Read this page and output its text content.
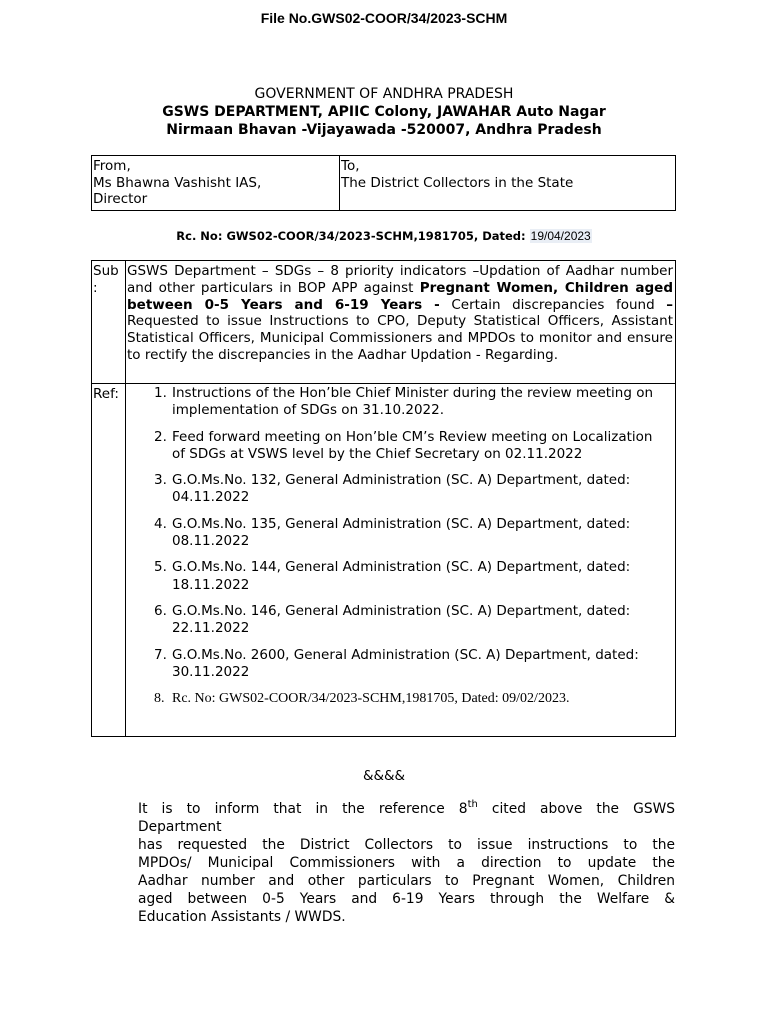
File No.GWS02-COOR/34/2023-SCHM
GOVERNMENT OF ANDHRA PRADESH
GSWS DEPARTMENT, APIIC Colony, JAWAHAR Auto Nagar
Nirmaan Bhavan -Vijayawada -520007, Andhra Pradesh
From,
Ms Bhawna Vashisht IAS,
Director
To,
The District Collectors in the State
Rc. No: GWS02-COOR/34/2023-SCHM,1981705, Dated: 19/04/2023
Sub :
GSWS Department – SDGs – 8 priority indicators –Updation of Aadhar number and other particulars in BOP APP against Pregnant Women, Children aged between 0-5 Years and 6-19 Years - Certain discrepancies found – Requested to issue Instructions to CPO, Deputy Statistical Officers, Assistant Statistical Officers, Municipal Commissioners and MPDOs to monitor and ensure to rectify the discrepancies in the Aadhar Updation - Regarding.
Ref:	1. Instructions of the Hon’ble Chief Minister during the review meeting on implementation of SDGs on 31.10.2022.
2. Feed forward meeting on Hon’ble CM’s Review meeting on Localization of SDGs at VSWS level by the Chief Secretary on 02.11.2022
3. G.O.Ms.No. 132, General Administration (SC. A) Department, dated: 04.11.2022
4. G.O.Ms.No. 135, General Administration (SC. A) Department, dated: 08.11.2022
5. G.O.Ms.No. 144, General Administration (SC. A) Department, dated: 18.11.2022
6. G.O.Ms.No. 146, General Administration (SC. A) Department, dated: 22.11.2022
7. G.O.Ms.No. 2600, General Administration (SC. A) Department, dated: 30.11.2022
8. Rc. No: GWS02-COOR/34/2023-SCHM,1981705, Dated: 09/02/2023.
&&&&
It is to inform that in the reference 8th cited above the GSWS
Department
has requested the District Collectors to issue instructions to the
MPDOs/ Municipal Commissioners with a direction to update the
Aadhar number and other particulars to Pregnant Women, Children
aged between 0-5 Years and 6-19 Years through the Welfare &
Education Assistants / WWDS.
